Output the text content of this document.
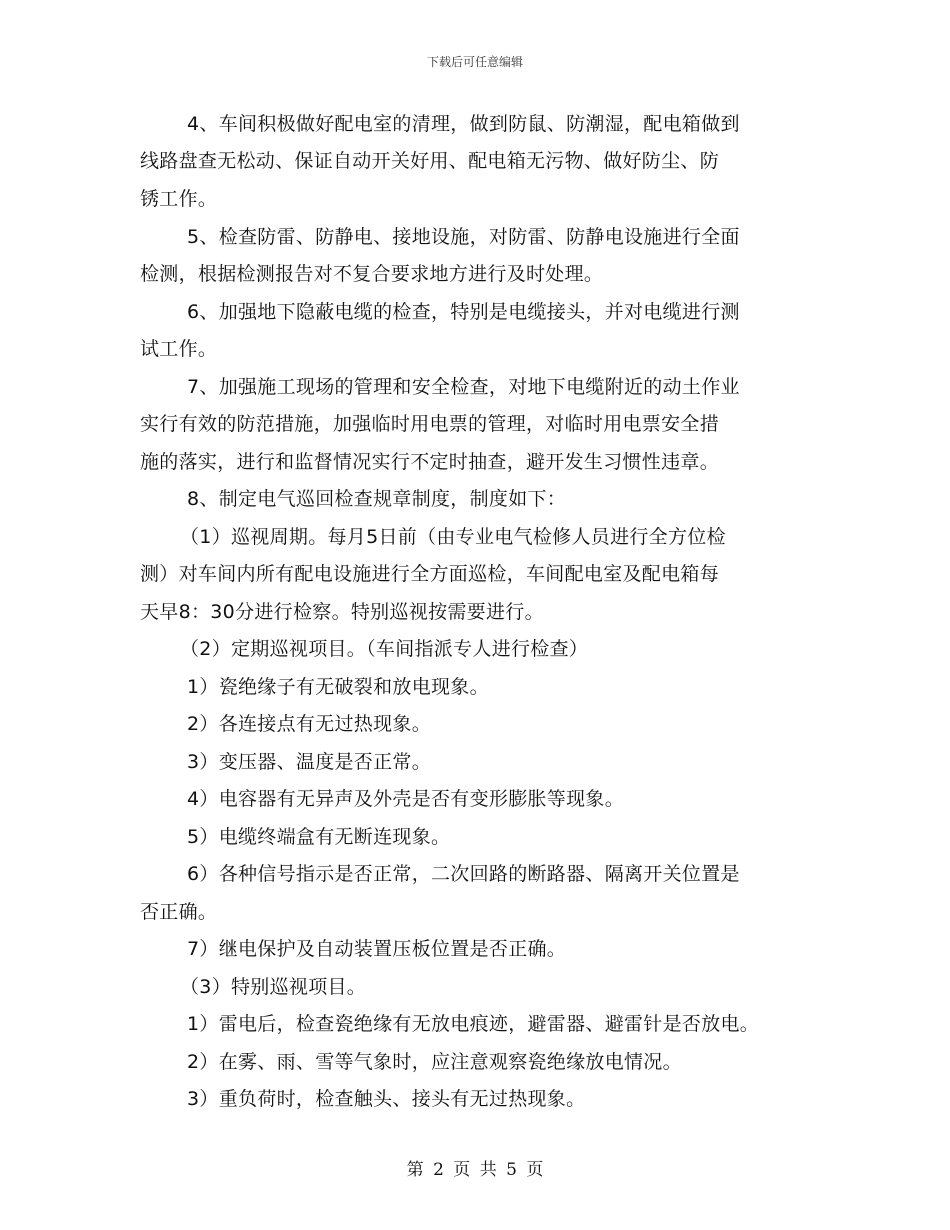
下载后可任意编辑
4、车间积极做好配电室的清理，做到防鼠、防潮湿，配电箱做到
线路盘查无松动、保证自动开关好用、配电箱无污物、做好防尘、防
锈工作。
5、检查防雷、防静电、接地设施，对防雷、防静电设施进行全面
检测，根据检测报告对不复合要求地方进行及时处理。
6、加强地下隐蔽电缆的检查，特别是电缆接头，并对电缆进行测
试工作。
7、加强施工现场的管理和安全检查，对地下电缆附近的动土作业
实行有效的防范措施，加强临时用电票的管理，对临时用电票安全措
施的落实，进行和监督情况实行不定时抽查，避开发生习惯性违章。
8、制定电气巡回检查规章制度，制度如下：
（1）巡视周期。每月5日前（由专业电气检修人员进行全方位检
测）对车间内所有配电设施进行全方面巡检，车间配电室及配电箱每
天早8：30分进行检察。特别巡视按需要进行。
（2）定期巡视项目。（车间指派专人进行检查）
1）瓷绝缘子有无破裂和放电现象。
2）各连接点有无过热现象。
3）变压器、温度是否正常。
4）电容器有无异声及外壳是否有变形膨胀等现象。
5）电缆终端盒有无断连现象。
6）各种信号指示是否正常，二次回路的断路器、隔离开关位置是
否正确。
7）继电保护及自动装置压板位置是否正确。
（3）特别巡视项目。
1）雷电后，检查瓷绝缘有无放电痕迹，避雷器、避雷针是否放电。
2）在雾、雨、雪等气象时，应注意观察瓷绝缘放电情况。
3）重负荷时，检查触头、接头有无过热现象。
第 2 页 共 5 页
